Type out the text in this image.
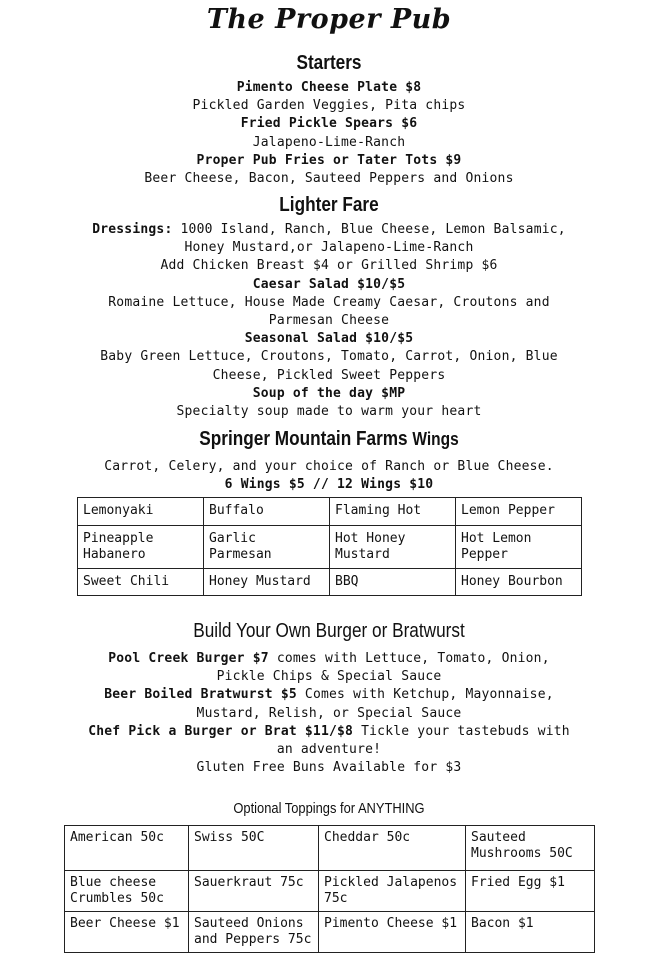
The Proper Pub
Starters
Pimento Cheese Plate $8
Pickled Garden Veggies, Pita chips
Fried Pickle Spears $6
Jalapeno-Lime-Ranch
Proper Pub Fries or Tater Tots $9
Beer Cheese, Bacon, Sauteed Peppers and Onions
Lighter Fare
Dressings: 1000 Island, Ranch, Blue Cheese, Lemon Balsamic, Honey Mustard,or Jalapeno-Lime-Ranch
Add Chicken Breast $4 or Grilled Shrimp $6
Caesar Salad $10/$5
Romaine Lettuce, House Made Creamy Caesar, Croutons and Parmesan Cheese
Seasonal Salad $10/$5
Baby Green Lettuce, Croutons, Tomato, Carrot, Onion, Blue Cheese, Pickled Sweet Peppers
Soup of the day $MP
Specialty soup made to warm your heart
Springer Mountain Farms Wings
Carrot, Celery, and your choice of Ranch or Blue Cheese.
6 Wings $5 // 12 Wings $10
Lemonyaki	Buffalo	Flaming Hot	Lemon Pepper
Pineapple Habanero	Garlic Parmesan	Hot Honey Mustard	Hot Lemon Pepper
Sweet Chili	Honey Mustard	BBQ	Honey Bourbon
Build Your Own Burger or Bratwurst
Pool Creek Burger $7 comes with Lettuce, Tomato, Onion, Pickle Chips & Special Sauce
Beer Boiled Bratwurst $5 Comes with Ketchup, Mayonnaise, Mustard, Relish, or Special Sauce
Chef Pick a Burger or Brat $11/$8 Tickle your tastebuds with an adventure!
Gluten Free Buns Available for $3
Optional Toppings for ANYTHING
American 50c	Swiss 50C	Cheddar 50c	Sauteed Mushrooms 50C
Blue cheese Crumbles 50c	Sauerkraut 75c	Pickled Jalapenos 75c	Fried Egg $1
Beer Cheese $1	Sauteed Onions and Peppers 75c	Pimento Cheese $1	Bacon $1
